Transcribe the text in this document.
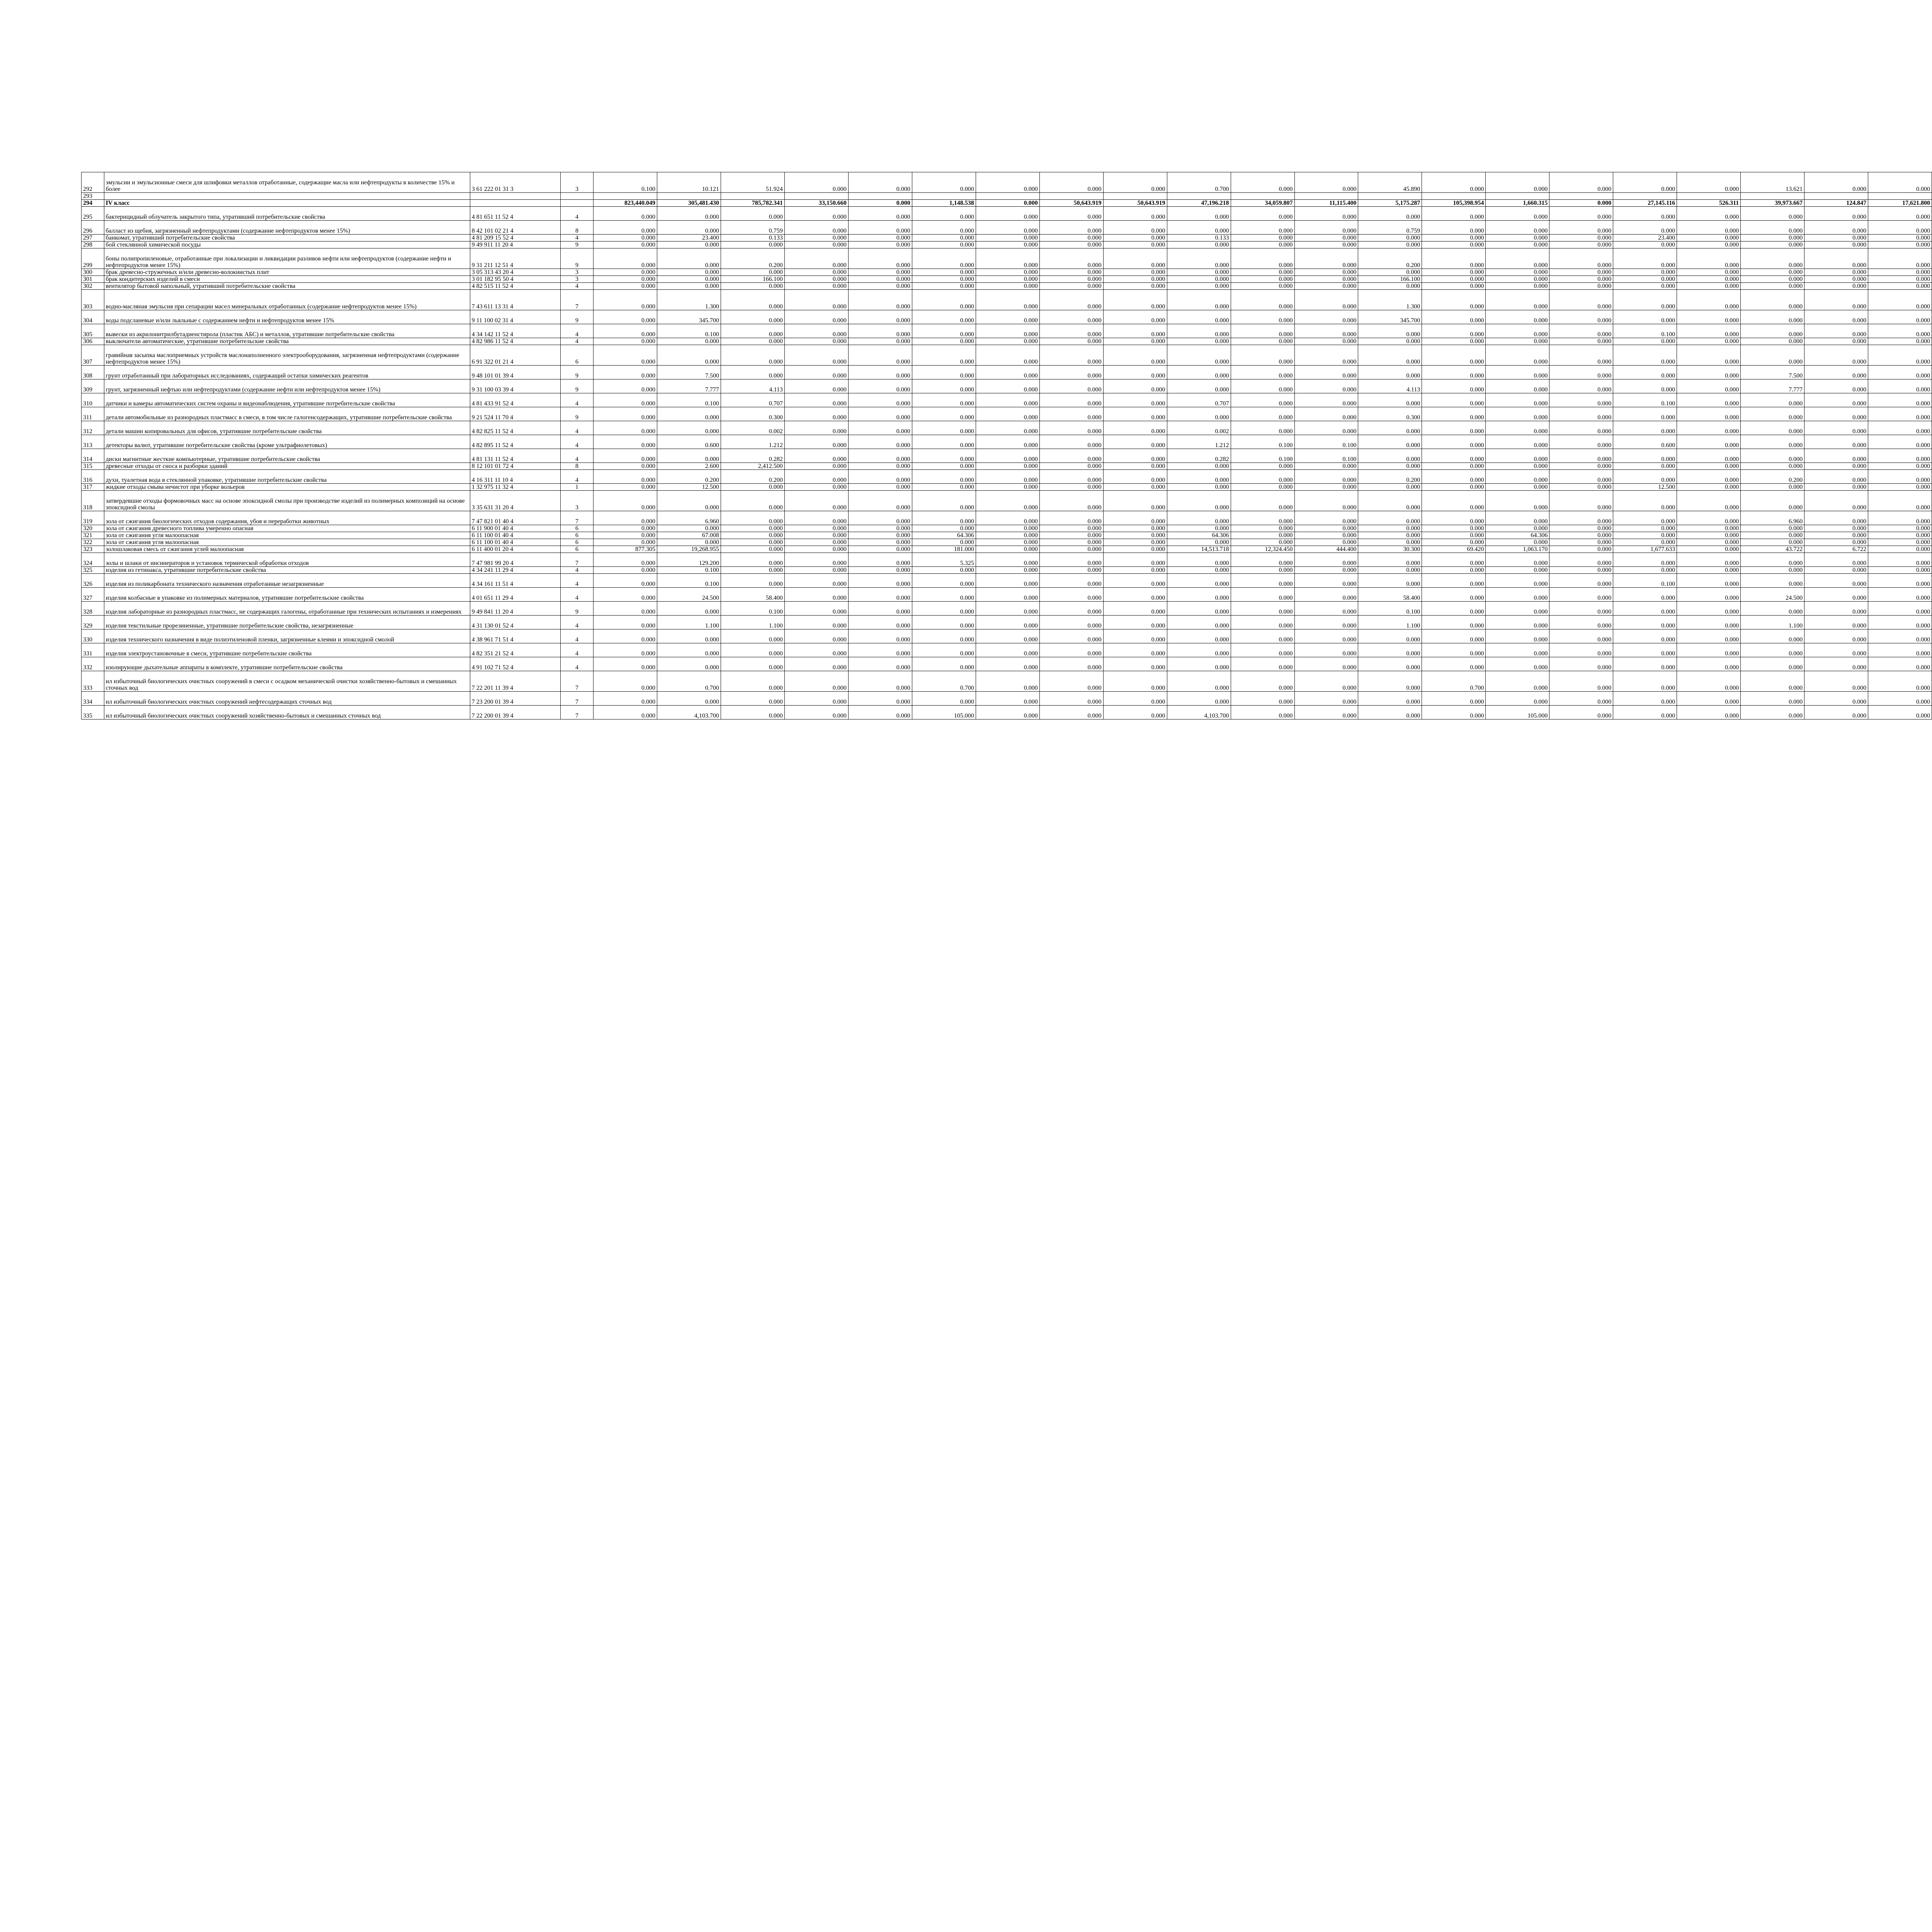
292	эмульсии и эмульсионные смеси для шлифовки металлов отработанные, содержащие масла или нефтепродукты в количестве 15% и более	3 61 222 01 31 3	3	0.100	10.121	51.924	0.000	0.000	0.000	0.000	0.000	0.000	0.700	0.000	0.000	45.890	0.000	0.000	0.000	0.000	0.000	13.621	0.000	0.000								
293																																
294	IV класс			823,440.049	305,481.430	785,782.341	33,150.660	0.000	1,148.538	0.000	50,643.919	50,643.919	47,196.218	34,059.807	11,115.400	5,175.287	105,398.954	1,660.315	0.000	27,145.116	526.311	39,973.667	124.847	17,621.800								
295	бактерицидный облучатель закрытого типа, утративший потребительские свойства	4 81 651 11 52 4	4	0.000	0.000	0.000	0.000	0.000	0.000	0.000	0.000	0.000	0.000	0.000	0.000	0.000	0.000	0.000	0.000	0.000	0.000	0.000	0.000	0.000								
296	балласт из щебня, загрязненный нефтепродуктами (содержание нефтепродуктов менее 15%)	8 42 101 02 21 4	8	0.000	0.000	0.759	0.000	0.000	0.000	0.000	0.000	0.000	0.000	0.000	0.000	0.759	0.000	0.000	0.000	0.000	0.000	0.000	0.000	0.000								
297	банкомат, утративший потребительские свойства	4 81 209 15 52 4	4	0.000	23.400	0.133	0.000	0.000	0.000	0.000	0.000	0.000	0.133	0.000	0.000	0.000	0.000	0.000	0.000	23.400	0.000	0.000	0.000	0.000								
298	бой стеклянной химической посуды	9 49 911 11 20 4	9	0.000	0.000	0.000	0.000	0.000	0.000	0.000	0.000	0.000	0.000	0.000	0.000	0.000	0.000	0.000	0.000	0.000	0.000	0.000	0.000	0.000								
299	боны полипропиленовые, отработанные при локализации и ликвидации разливов нефти или нефтепродуктов (содержание нефти и нефтепродуктов менее 15%)	9 31 211 12 51 4	9	0.000	0.000	0.200	0.000	0.000	0.000	0.000	0.000	0.000	0.000	0.000	0.000	0.200	0.000	0.000	0.000	0.000	0.000	0.000	0.000	0.000								
300	брак древесно-стружечных и/или древесно-волокнистых плит	3 05 313 43 20 4	3	0.000	0.000	0.000	0.000	0.000	0.000	0.000	0.000	0.000	0.000	0.000	0.000	0.000	0.000	0.000	0.000	0.000	0.000	0.000	0.000	0.000								
301	брак кондитерских изделий в смеси	3 01 182 95 50 4	3	0.000	0.000	166.100	0.000	0.000	0.000	0.000	0.000	0.000	0.000	0.000	0.000	166.100	0.000	0.000	0.000	0.000	0.000	0.000	0.000	0.000								
302	вентилятор бытовой напольный, утративший потребительские свойства	4 82 515 11 52 4	4	0.000	0.000	0.000	0.000	0.000	0.000	0.000	0.000	0.000	0.000	0.000	0.000	0.000	0.000	0.000	0.000	0.000	0.000	0.000	0.000	0.000								
303	водно-масляная эмульсия при сепарации масел минеральных отработанных (содержание нефтепродуктов менее 15%)	7 43 611 13 31 4	7	0.000	1.300	0.000	0.000	0.000	0.000	0.000	0.000	0.000	0.000	0.000	0.000	1.300	0.000	0.000	0.000	0.000	0.000	0.000	0.000	0.000								
304	воды подсланевые и/или льяльные с содержанием нефти и нефтепродуктов менее 15%	9 11 100 02 31 4	9	0.000	345.700	0.000	0.000	0.000	0.000	0.000	0.000	0.000	0.000	0.000	0.000	345.700	0.000	0.000	0.000	0.000	0.000	0.000	0.000	0.000								
305	вывески из акрилонитрилбутадиенстирола (пластик АБС) и металлов, утратившие потребительские свойства	4 34 142 11 52 4	4	0.000	0.100	0.000	0.000	0.000	0.000	0.000	0.000	0.000	0.000	0.000	0.000	0.000	0.000	0.000	0.000	0.100	0.000	0.000	0.000	0.000								
306	выключатели автоматические, утратившие потребительские свойства	4 82 986 11 52 4	4	0.000	0.000	0.000	0.000	0.000	0.000	0.000	0.000	0.000	0.000	0.000	0.000	0.000	0.000	0.000	0.000	0.000	0.000	0.000	0.000	0.000								
307	гравийная засыпка маслоприемных устройств маслонаполненного электрооборудования, загрязненная нефтепродуктами (содержание нефтепродуктов менее 15%)	6 91 322 01 21 4	6	0.000	0.000	0.000	0.000	0.000	0.000	0.000	0.000	0.000	0.000	0.000	0.000	0.000	0.000	0.000	0.000	0.000	0.000	0.000	0.000	0.000								
308	грунт отработанный при лабораторных исследованиях, содержащий остатки химических реагентов	9 48 101 01 39 4	9	0.000	7.500	0.000	0.000	0.000	0.000	0.000	0.000	0.000	0.000	0.000	0.000	0.000	0.000	0.000	0.000	0.000	0.000	7.500	0.000	0.000								
309	грунт, загрязненный нефтью или нефтепродуктами (содержание нефти или нефтепродуктов менее 15%)	9 31 100 03 39 4	9	0.000	7.777	4.113	0.000	0.000	0.000	0.000	0.000	0.000	0.000	0.000	0.000	4.113	0.000	0.000	0.000	0.000	0.000	7.777	0.000	0.000								
310	датчики и камеры автоматических систем охраны и видеонаблюдения, утратившие потребительские свойства	4 81 433 91 52 4	4	0.000	0.100	0.707	0.000	0.000	0.000	0.000	0.000	0.000	0.707	0.000	0.000	0.000	0.000	0.000	0.000	0.100	0.000	0.000	0.000	0.000								
311	детали автомобильные из разнородных пластмасс в смеси, в том числе галогенсодержащих, утратившие потребительские свойства	9 21 524 11 70 4	9	0.000	0.000	0.300	0.000	0.000	0.000	0.000	0.000	0.000	0.000	0.000	0.000	0.300	0.000	0.000	0.000	0.000	0.000	0.000	0.000	0.000								
312	детали машин копировальных для офисов, утратившие потребительские свойства	4 82 825 11 52 4	4	0.000	0.000	0.002	0.000	0.000	0.000	0.000	0.000	0.000	0.002	0.000	0.000	0.000	0.000	0.000	0.000	0.000	0.000	0.000	0.000	0.000								
313	детекторы валют, утратившие потребительские свойства (кроме ультрафиолетовых)	4 82 895 11 52 4	4	0.000	0.600	1.212	0.000	0.000	0.000	0.000	0.000	0.000	1.212	0.100	0.100	0.000	0.000	0.000	0.000	0.600	0.000	0.000	0.000	0.000								
314	диски магнитные жесткие компьютерные, утратившие потребительские свойства	4 81 131 11 52 4	4	0.000	0.000	0.282	0.000	0.000	0.000	0.000	0.000	0.000	0.282	0.100	0.100	0.000	0.000	0.000	0.000	0.000	0.000	0.000	0.000	0.000								
315	древесные отходы от сноса и разборки зданий	8 12 101 01 72 4	8	0.000	2.600	2,412.500	0.000	0.000	0.000	0.000	0.000	0.000	0.000	0.000	0.000	0.000	0.000	0.000	0.000	0.000	0.000	0.000	0.000	0.000								
316	духи, туалетная вода в стеклянной упаковке, утратившие потребительские свойства	4 16 311 11 10 4	4	0.000	0.200	0.200	0.000	0.000	0.000	0.000	0.000	0.000	0.000	0.000	0.000	0.200	0.000	0.000	0.000	0.000	0.000	0.200	0.000	0.000								
317	жидкие отходы смыва нечистот при уборке вольеров	1 32 975 11 32 4	1	0.000	12.500	0.000	0.000	0.000	0.000	0.000	0.000	0.000	0.000	0.000	0.000	0.000	0.000	0.000	0.000	12.500	0.000	0.000	0.000	0.000								
318	затвердевшие отходы формовочных масс на основе эпоксидной смолы при производстве изделий из полимерных композиций на основе эпоксидной смолы	3 35 631 31 20 4	3	0.000	0.000	0.000	0.000	0.000	0.000	0.000	0.000	0.000	0.000	0.000	0.000	0.000	0.000	0.000	0.000	0.000	0.000	0.000	0.000	0.000								
319	зола от сжигания биологических отходов содержания, убоя и переработки животных	7 47 821 01 40 4	7	0.000	6.960	0.000	0.000	0.000	0.000	0.000	0.000	0.000	0.000	0.000	0.000	0.000	0.000	0.000	0.000	0.000	0.000	6.960	0.000	0.000								
320	зола от сжигания древесного топлива умеренно опасная	6 11 900 01 40 4	6	0.000	0.000	0.000	0.000	0.000	0.000	0.000	0.000	0.000	0.000	0.000	0.000	0.000	0.000	0.000	0.000	0.000	0.000	0.000	0.000	0.000								
321	зола от сжигания угля малоопасная	6 11 100 01 40 4	6	0.000	67.008	0.000	0.000	0.000	64.306	0.000	0.000	0.000	64.306	0.000	0.000	0.000	0.000	64.306	0.000	0.000	0.000	0.000	0.000	0.000								
322	зола от сжигания угля малоопасная	6 11 100 01 40 4	6	0.000	0.000	0.000	0.000	0.000	0.000	0.000	0.000	0.000	0.000	0.000	0.000	0.000	0.000	0.000	0.000	0.000	0.000	0.000	0.000	0.000								
323	золошлаковая смесь от сжигания углей малоопасная	6 11 400 01 20 4	6	877.305	19,268.955	0.000	0.000	0.000	181.000	0.000	0.000	0.000	14,513.718	12,324.450	444.400	30.300	69.420	1,063.170	0.000	1,677.633	0.000	43.722	6.722	0.000								
324	золы и шлаки от инсинераторов и установок термической обработки отходов	7 47 981 99 20 4	7	0.000	129.200	0.000	0.000	0.000	5.325	0.000	0.000	0.000	0.000	0.000	0.000	0.000	0.000	0.000	0.000	0.000	0.000	0.000	0.000	0.000								
325	изделия из гетинакса, утратившие потребительские свойства	4 34 241 11 29 4	4	0.000	0.100	0.000	0.000	0.000	0.000	0.000	0.000	0.000	0.000	0.000	0.000	0.000	0.000	0.000	0.000	0.000	0.000	0.000	0.000	0.000								
326	изделия из поликарбоната технического назначения отработанные незагрязненные	4 34 161 11 51 4	4	0.000	0.100	0.000	0.000	0.000	0.000	0.000	0.000	0.000	0.000	0.000	0.000	0.000	0.000	0.000	0.000	0.100	0.000	0.000	0.000	0.000								
327	изделия колбасные в упаковке из полимерных материалов, утратившие потребительские свойства	4 01 651 11 29 4	4	0.000	24.500	58.400	0.000	0.000	0.000	0.000	0.000	0.000	0.000	0.000	0.000	58.400	0.000	0.000	0.000	0.000	0.000	24.500	0.000	0.000								
328	изделия лабораторные из разнородных пластмасс, не содержащих галогены, отработанные при технических испытаниях и измерениях	9 49 841 11 20 4	9	0.000	0.000	0.100	0.000	0.000	0.000	0.000	0.000	0.000	0.000	0.000	0.000	0.100	0.000	0.000	0.000	0.000	0.000	0.000	0.000	0.000								
329	изделия текстильные прорезиненные, утратившие потребительские свойства, незагрязненные	4 31 130 01 52 4	4	0.000	1.100	1.100	0.000	0.000	0.000	0.000	0.000	0.000	0.000	0.000	0.000	1.100	0.000	0.000	0.000	0.000	0.000	1.100	0.000	0.000								
330	изделия технического назначения в виде полиэтиленовой пленки, загрязненные клеями и эпоксидной смолой	4 38 961 71 51 4	4	0.000	0.000	0.000	0.000	0.000	0.000	0.000	0.000	0.000	0.000	0.000	0.000	0.000	0.000	0.000	0.000	0.000	0.000	0.000	0.000	0.000								
331	изделия электроустановочные в смеси, утратившие потребительские свойства	4 82 351 21 52 4	4	0.000	0.000	0.000	0.000	0.000	0.000	0.000	0.000	0.000	0.000	0.000	0.000	0.000	0.000	0.000	0.000	0.000	0.000	0.000	0.000	0.000								
332	изолирующие дыхательные аппараты в комплекте, утратившие потребительские свойства	4 91 102 71 52 4	4	0.000	0.000	0.000	0.000	0.000	0.000	0.000	0.000	0.000	0.000	0.000	0.000	0.000	0.000	0.000	0.000	0.000	0.000	0.000	0.000	0.000								
333	ил избыточный биологических очистных сооружений в смеси с осадком механической очистки хозяйственно-бытовых и смешанных сточных вод	7 22 201 11 39 4	7	0.000	0.700	0.000	0.000	0.000	0.700	0.000	0.000	0.000	0.000	0.000	0.000	0.000	0.700	0.000	0.000	0.000	0.000	0.000	0.000	0.000								
334	ил избыточный биологических очистных сооружений нефтесодержащих сточных вод	7 23 200 01 39 4	7	0.000	0.000	0.000	0.000	0.000	0.000	0.000	0.000	0.000	0.000	0.000	0.000	0.000	0.000	0.000	0.000	0.000	0.000	0.000	0.000	0.000								
335	ил избыточный биологических очистных сооружений хозяйственно-бытовых и смешанных сточных вод	7 22 200 01 39 4	7	0.000	4,103.700	0.000	0.000	0.000	105.000	0.000	0.000	0.000	4,103.700	0.000	0.000	0.000	0.000	105.000	0.000	0.000	0.000	0.000	0.000	0.000								
